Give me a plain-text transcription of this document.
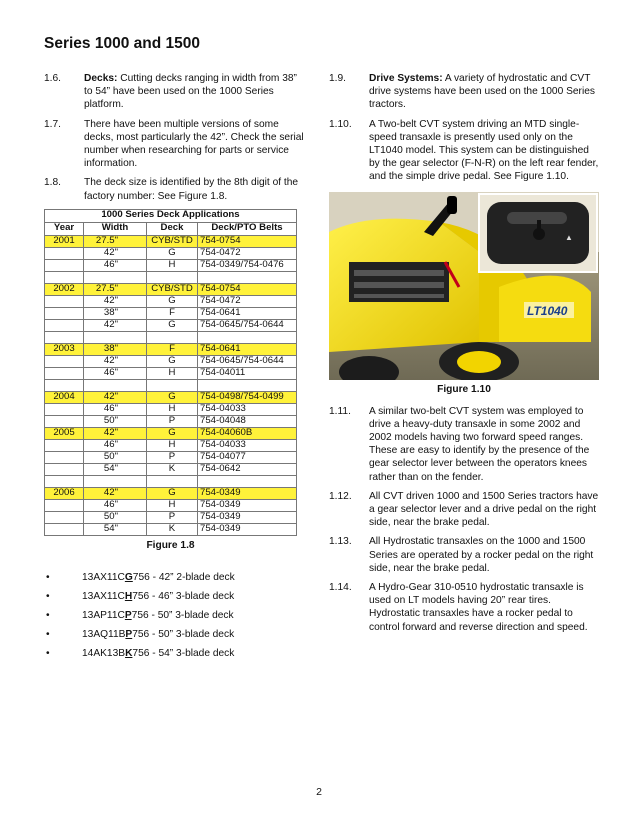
Series 1000 and 1500
1.6. Decks: Cutting decks ranging in width from 38” to 54” have been used on the 1000 Series platform.
1.7. There have been multiple versions of some decks, most particularly the 42”. Check the serial number when researching for parts or service information.
1.8. The deck size is identified by the 8th digit of the factory number: See Figure 1.8.
1000 Series Deck Applications			
Year	Width	Deck	Deck/PTO Belts
2001	27.5"	CYB/STD	754-0754
	42"	G	754-0472
	46"	H	754-0349/754-0476

2002	27.5"	CYB/STD	754-0754
	42"	G	754-0472
	38"	F	754-0641
	42"	G	754-0645/754-0644

2003	38"	F	754-0641
	42"	G	754-0645/754-0644
	46"	H	754-04011

2004	42"	G	754-0498/754-0499
	46"	H	754-04033
	50"	P	754-04048
2005	42"	G	754-04060B
	46"	H	754-04033
	50"	P	754-04077
	54"	K	754-0642

2006	42"	G	754-0349
	46"	H	754-0349
	50"	P	754-0349
	54"	K	754-0349
Figure 1.8
•	13AX11CG756 - 42” 2-blade deck
•	13AX11CH756 - 46” 3-blade deck
•	13AP11CP756 - 50” 3-blade deck
•	13AQ11BP756 - 50” 3-blade deck
•	14AK13BK756 - 54” 3-blade deck
1.9. Drive Systems: A variety of hydrostatic and CVT drive systems have been used on the 1000 Series tractors.
1.10. A Two-belt CVT system driving an MTD single-speed transaxle is presently used only on the LT1040 model. This system can be distinguished by the gear selector (F-N-R) on the left rear fender, and the simple drive pedal. See Figure 1.10.
LT1040
▲
Figure 1.10
1.11. A similar two-belt CVT system was employed to drive a heavy-duty transaxle in some 2002 and 2002 models having two forward speed ranges. These are easy to identify by the presence of the gear selector lever between the operators knees rather than on the fender.
1.12. All CVT driven 1000 and 1500 Series tractors have a gear selector lever and a drive pedal on the right side, near the brake pedal.
1.13. All Hydrostatic transaxles on the 1000 and 1500 Series are operated by a rocker pedal on the right side, near the brake pedal.
1.14. A Hydro-Gear 310-0510 hydrostatic transaxle is used on LT models having 20” rear tires. Hydrostatic transaxles have a rocker pedal to control forward and reverse direction and speed.
2
